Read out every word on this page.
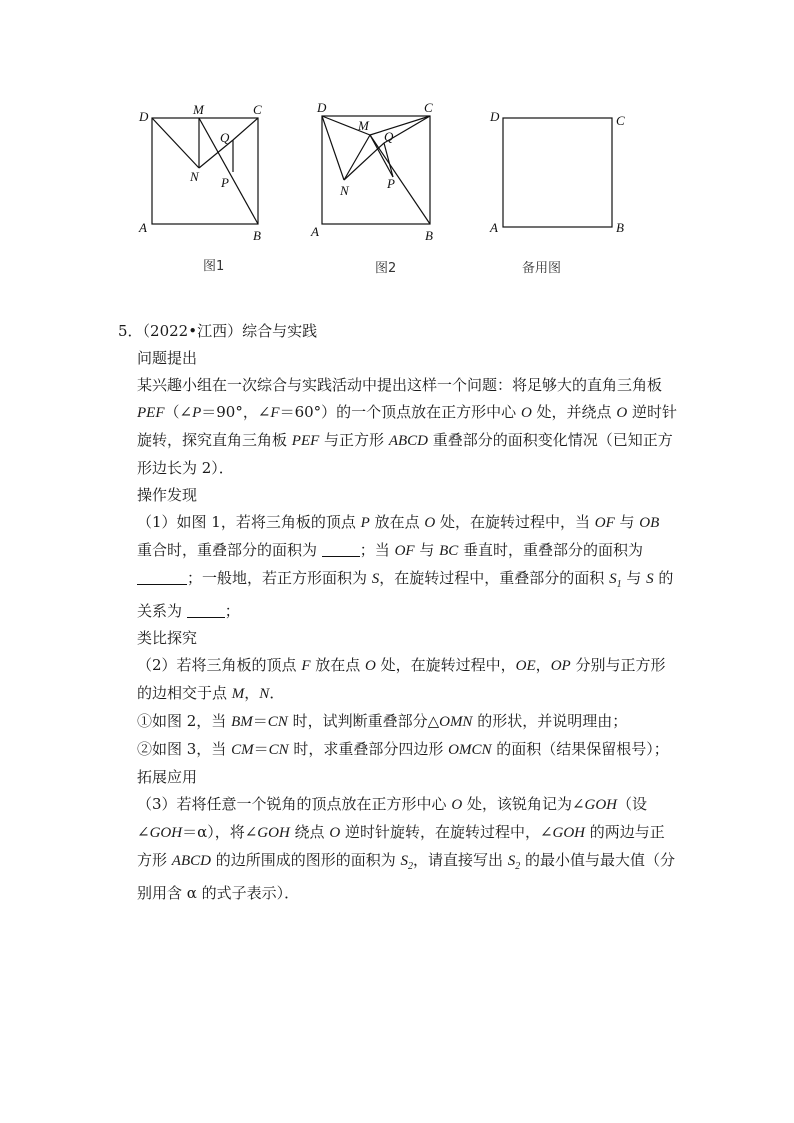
D	M	C
Q
N P
A
B
图1
D	C
M
Q
N	P
A	B
图2
D	C
A	B
备用图
5．（2022•江西）综合与实践
问题提出
某兴趣小组在一次综合与实践活动中提出这样一个问题：将足够大的直角三角板 PEF（∠P＝90°，∠F＝60°）的一个顶点放在正方形中心 O 处，并绕点 O 逆时针旋转，探究直角三角板 PEF 与正方形 ABCD 重叠部分的面积变化情况（已知正方形边长为 2）．
操作发现
（1）如图 1，若将三角板的顶点 P 放在点 O 处，在旋转过程中，当 OF 与 OB 重合时，重叠部分的面积为	；当 OF 与 BC 垂直时，重叠部分的面积为 ；一般地，若正方形面积为 S，在旋转过程中，重叠部分的面积 $S_1$ 与 S 的关系为	；
类比探究
（2）若将三角板的顶点 F 放在点 O 处，在旋转过程中，OE，OP 分别与正方形的边相交于点 M，N．
①如图 2，当 BM＝CN 时，试判断重叠部分△OMN 的形状，并说明理由；
②如图 3，当 CM＝CN 时，求重叠部分四边形 OMCN 的面积（结果保留根号）；
拓展应用
（3）若将任意一个锐角的顶点放在正方形中心 O 处，该锐角记为∠GOH（设∠GOH＝α），将∠GOH 绕点 O 逆时针旋转，在旋转过程中，∠GOH 的两边与正方形 ABCD 的边所围成的图形的面积为 $S_2$，请直接写出 $S_2$ 的最小值与最大值（分别用含 α 的式子表示）．
